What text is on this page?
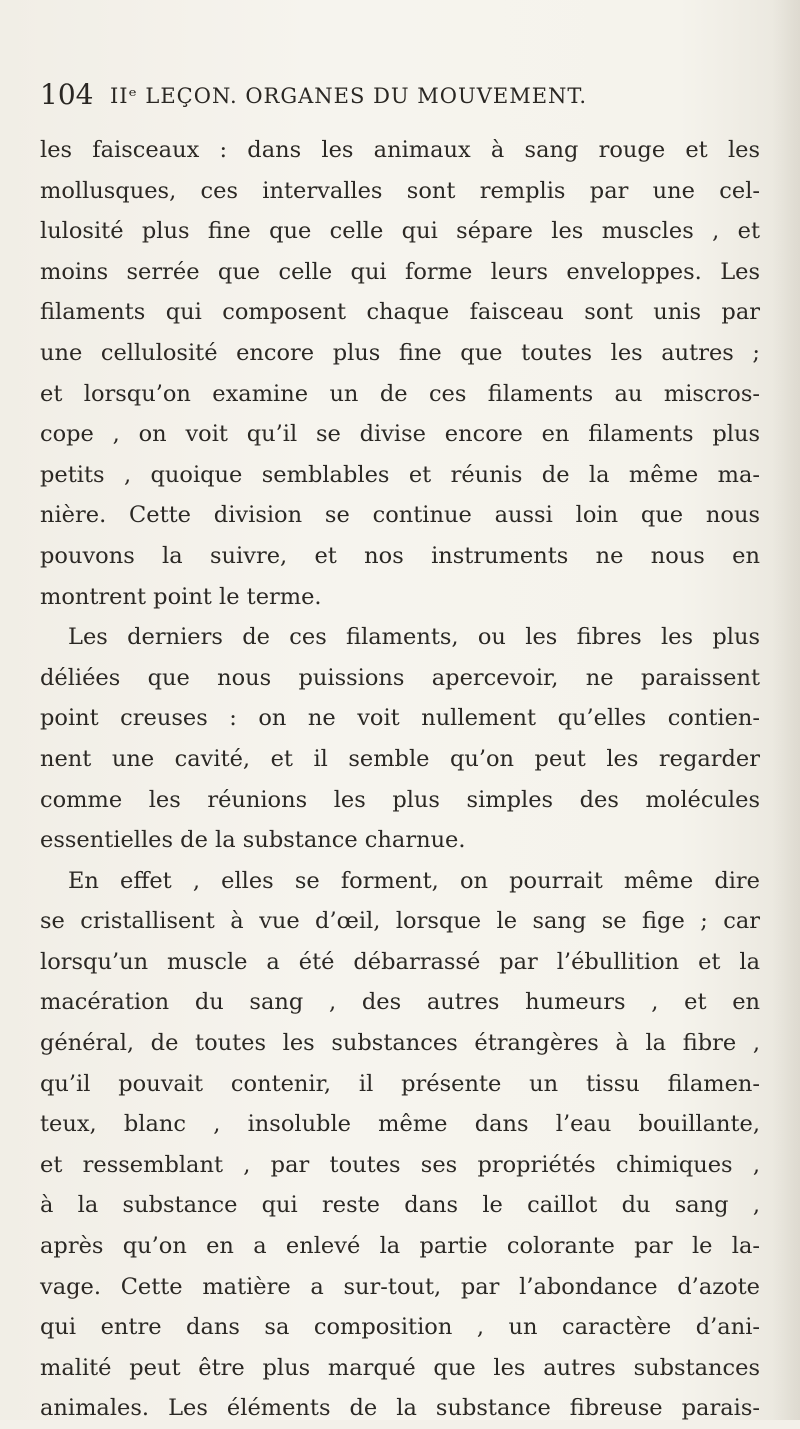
104 IIᵉ LEÇON. ORGANES DU MOUVEMENT.
les faisceaux : dans les animaux à sang rouge et les
mollusques, ces intervalles sont remplis par une cel-
lulosité plus fine que celle qui sépare les muscles , et
moins serrée que celle qui forme leurs enveloppes. Les
filaments qui composent chaque faisceau sont unis par
une cellulosité encore plus fine que toutes les autres ;
et lorsqu’on examine un de ces filaments au miscros-
cope , on voit qu’il se divise encore en filaments plus
petits , quoique semblables et réunis de la même ma-
nière. Cette division se continue aussi loin que nous
pouvons la suivre, et nos instruments ne nous en
montrent point le terme.
Les derniers de ces filaments, ou les fibres les plus
déliées que nous puissions apercevoir, ne paraissent
point creuses : on ne voit nullement qu’elles contien-
nent une cavité, et il semble qu’on peut les regarder
comme les réunions les plus simples des molécules
essentielles de la substance charnue.
En effet , elles se forment, on pourrait même dire
se cristallisent à vue d’œil, lorsque le sang se fige ; car
lorsqu’un muscle a été débarrassé par l’ébullition et la
macération du sang , des autres humeurs , et en
général, de toutes les substances étrangères à la fibre ,
qu’il pouvait contenir, il présente un tissu filamen-
teux, blanc , insoluble même dans l’eau bouillante,
et ressemblant , par toutes ses propriétés chimiques ,
à la substance qui reste dans le caillot du sang ,
après qu’on en a enlevé la partie colorante par le la-
vage. Cette matière a sur-tout, par l’abondance d’azote
qui entre dans sa composition , un caractère d’ani-
malité peut être plus marqué que les autres substances
animales. Les éléments de la substance fibreuse parais-
